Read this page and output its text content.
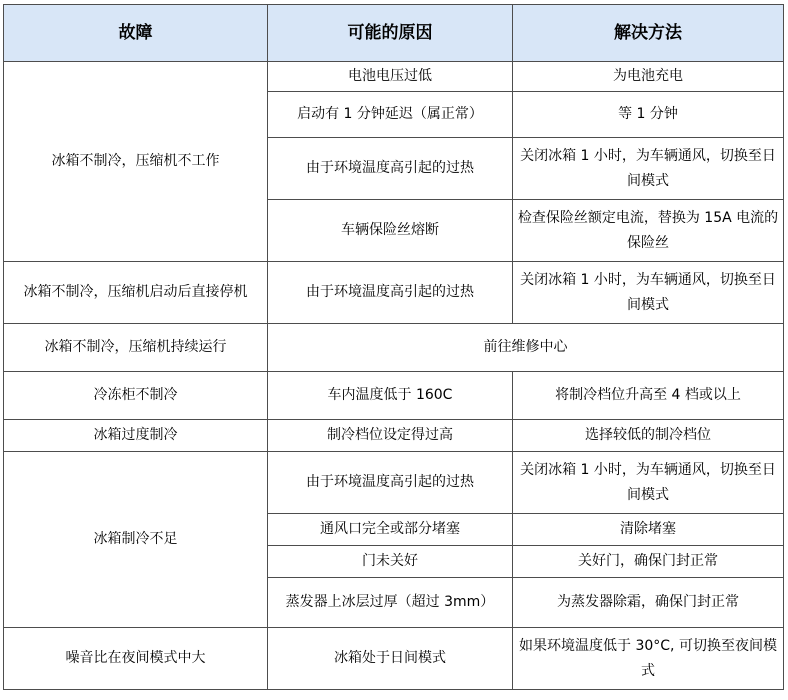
故障	可能的原因	解决方法
冰箱不制冷，压缩机不工作	电池电压过低	为电池充电
	启动有 1 分钟延迟（属正常）	等 1 分钟
	由于环境温度高引起的过热	关闭冰箱 1 小时，为车辆通风，切换至日间模式
	车辆保险丝熔断	检查保险丝额定电流，替换为 15A 电流的保险丝
冰箱不制冷，压缩机启动后直接停机	由于环境温度高引起的过热	关闭冰箱 1 小时，为车辆通风，切换至日间模式
冰箱不制冷，压缩机持续运行	前往维修中心	
冷冻柜不制冷	车内温度低于 160C	将制冷档位升高至 4 档或以上
冰箱过度制冷	制冷档位设定得过高	选择较低的制冷档位
冰箱制冷不足	由于环境温度高引起的过热	关闭冰箱 1 小时，为车辆通风，切换至日间模式
	通风口完全或部分堵塞	清除堵塞
	门未关好	关好门，确保门封正常
	蒸发器上冰层过厚（超过 3mm）	为蒸发器除霜，确保门封正常
噪音比在夜间模式中大	冰箱处于日间模式	如果环境温度低于 30°C, 可切换至夜间模式
